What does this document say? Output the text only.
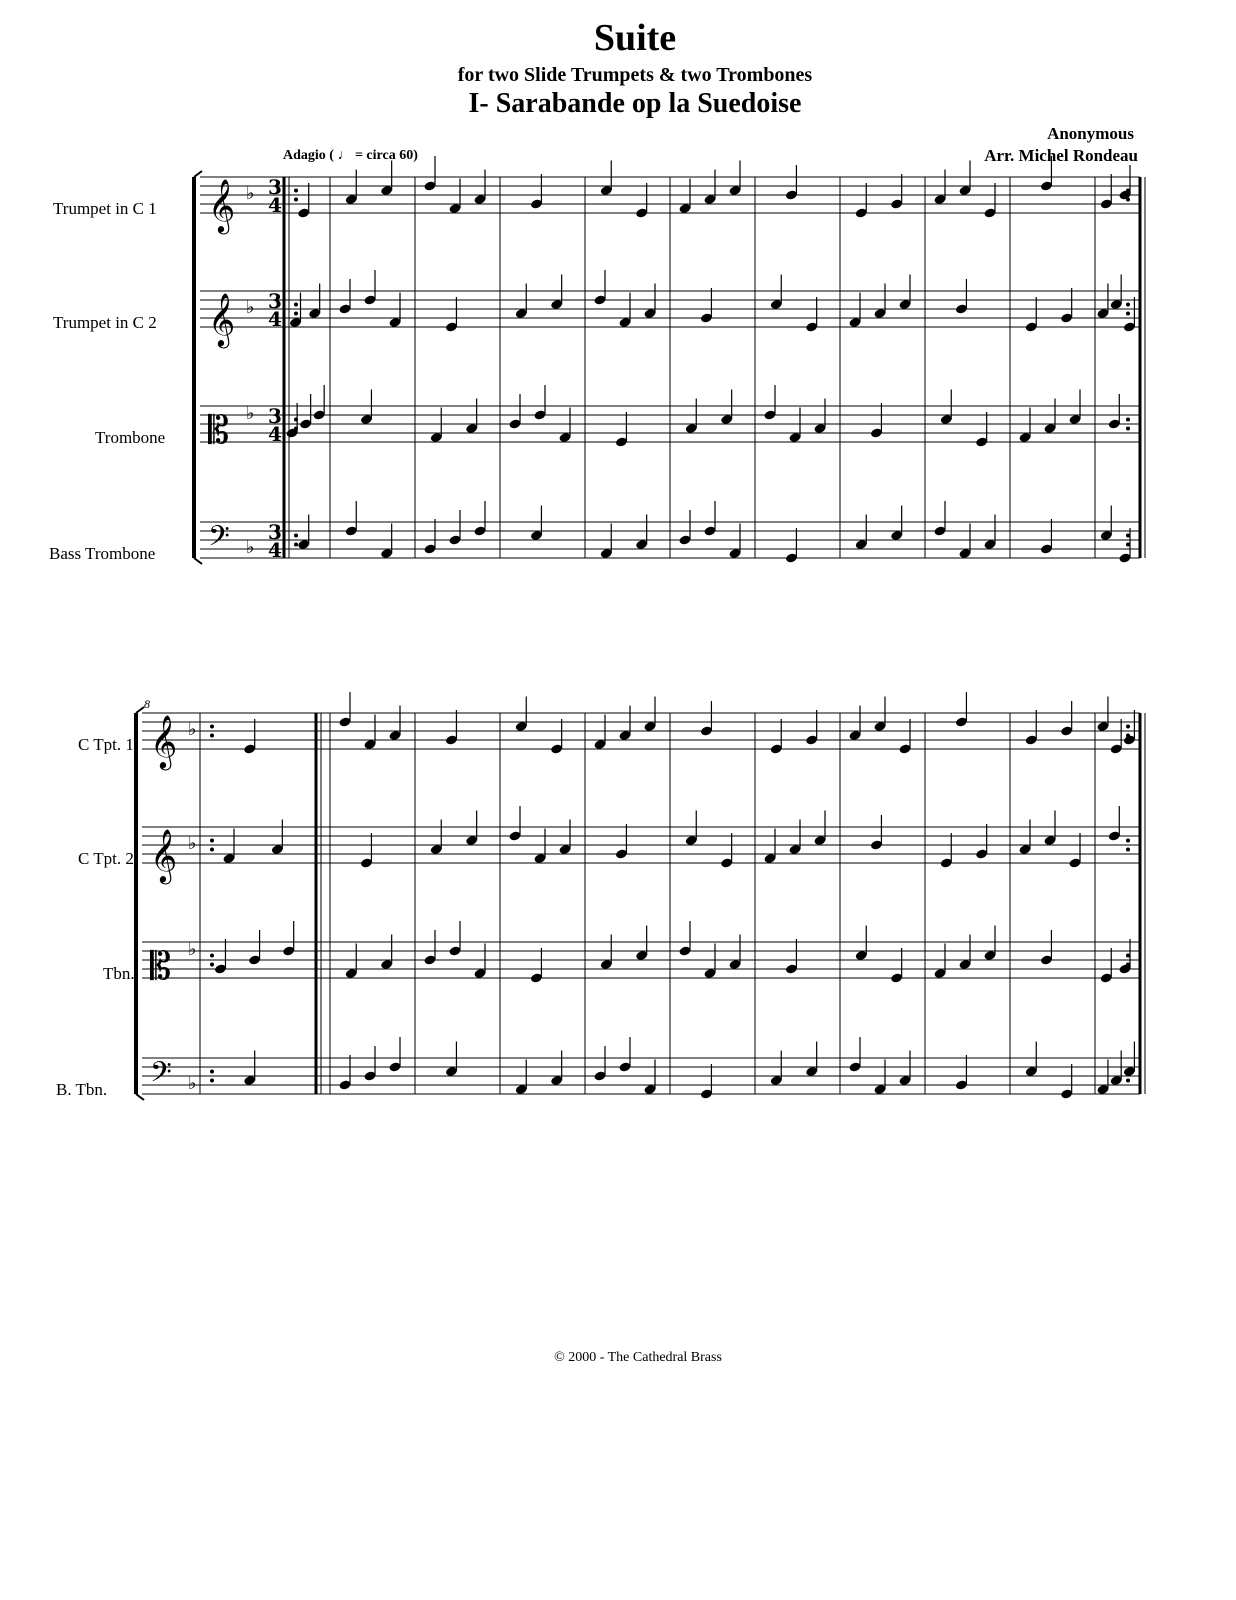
Suite
for two Slide Trumpets & two Trombones
I- Sarabande op la Suedoise
Anonymous
Arr. Michel Rondeau
Adagio ( ♩ = circa 60)
Trumpet in C 1
Trumpet in C 2
Trombone
Bass Trombone
8
C Tpt. 1
C Tpt. 2
Tbn.
B. Tbn.
© 2000 - The Cathedral Brass
𝄞 ♭ 3
4
𝄞 ♭ 3
4
𝄡 ♭ 3
4
𝄢 ♭
3
4
𝄞 ♭
𝄞 ♭
𝄡 ♭
𝄢 ♭
